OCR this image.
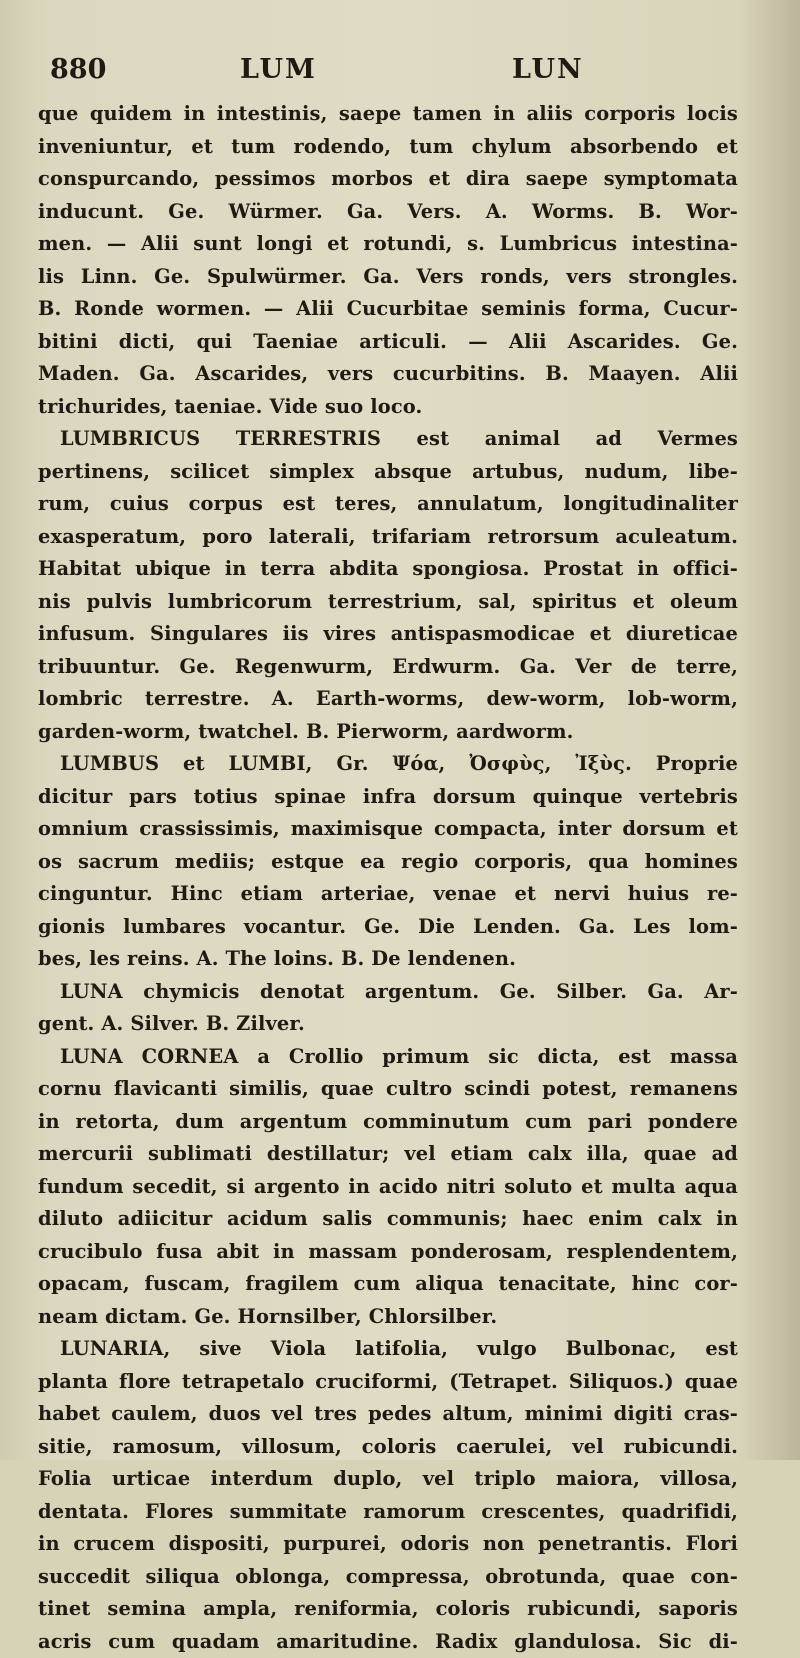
880	LUM	LUN
que quidem in intestinis, saepe tamen in aliis corporis locis
inveniuntur, et tum rodendo, tum chylum absorbendo et
conspurcando, pessimos morbos et dira saepe symptomata
inducunt. Ge. Würmer. Ga. Vers. A. Worms. B. Wor-
men. — Alii sunt longi et rotundi, s. Lumbricus intestina-
lis Linn. Ge. Spulwürmer. Ga. Vers ronds, vers strongles.
B. Ronde wormen. — Alii Cucurbitae seminis forma, Cucur-
bitini dicti, qui Taeniae articuli. — Alii Ascarides. Ge.
Maden. Ga. Ascarides, vers cucurbitins. B. Maayen. Alii
trichurides, taeniae. Vide suo loco.
LUMBRICUS TERRESTRIS est animal ad Vermes
pertinens, scilicet simplex absque artubus, nudum, libe-
rum, cuius corpus est teres, annulatum, longitudinaliter
exasperatum, poro laterali, trifariam retrorsum aculeatum.
Habitat ubique in terra abdita spongiosa. Prostat in offici-
nis pulvis lumbricorum terrestrium, sal, spiritus et oleum
infusum. Singulares iis vires antispasmodicae et diureticae
tribuuntur. Ge. Regenwurm, Erdwurm. Ga. Ver de terre,
lombric terrestre. A. Earth-worms, dew-worm, lob-worm,
garden-worm, twatchel. B. Pierworm, aardworm.
LUMBUS et LUMBI, Gr. Ψόα, Ὀσφὺς, Ἰξὺς. Proprie
dicitur pars totius spinae infra dorsum quinque vertebris
omnium crassissimis, maximisque compacta, inter dorsum et
os sacrum mediis; estque ea regio corporis, qua homines
cinguntur. Hinc etiam arteriae, venae et nervi huius re-
gionis lumbares vocantur. Ge. Die Lenden. Ga. Les lom-
bes, les reins. A. The loins. B. De lendenen.
LUNA chymicis denotat argentum. Ge. Silber. Ga. Ar-
gent. A. Silver. B. Zilver.
LUNA CORNEA a Crollio primum sic dicta, est massa
cornu flavicanti similis, quae cultro scindi potest, remanens
in retorta, dum argentum comminutum cum pari pondere
mercurii sublimati destillatur; vel etiam calx illa, quae ad
fundum secedit, si argento in acido nitri soluto et multa aqua
diluto adiicitur acidum salis communis; haec enim calx in
crucibulo fusa abit in massam ponderosam, resplendentem,
opacam, fuscam, fragilem cum aliqua tenacitate, hinc cor-
neam dictam. Ge. Hornsilber, Chlorsilber.
LUNARIA, sive Viola latifolia, vulgo Bulbonac, est
planta flore tetrapetalo cruciformi, (Tetrapet. Siliquos.) quae
habet caulem, duos vel tres pedes altum, minimi digiti cras-
sitie, ramosum, villosum, coloris caerulei, vel rubicundi.
Folia urticae interdum duplo, vel triplo maiora, villosa,
dentata. Flores summitate ramorum crescentes, quadrifidi,
in crucem dispositi, purpurei, odoris non penetrantis. Flori
succedit siliqua oblonga, compressa, obrotunda, quae con-
tinet semina ampla, reniformia, coloris rubicundi, saporis
acris cum quadam amaritudine. Radix glandulosa. Sic di-
